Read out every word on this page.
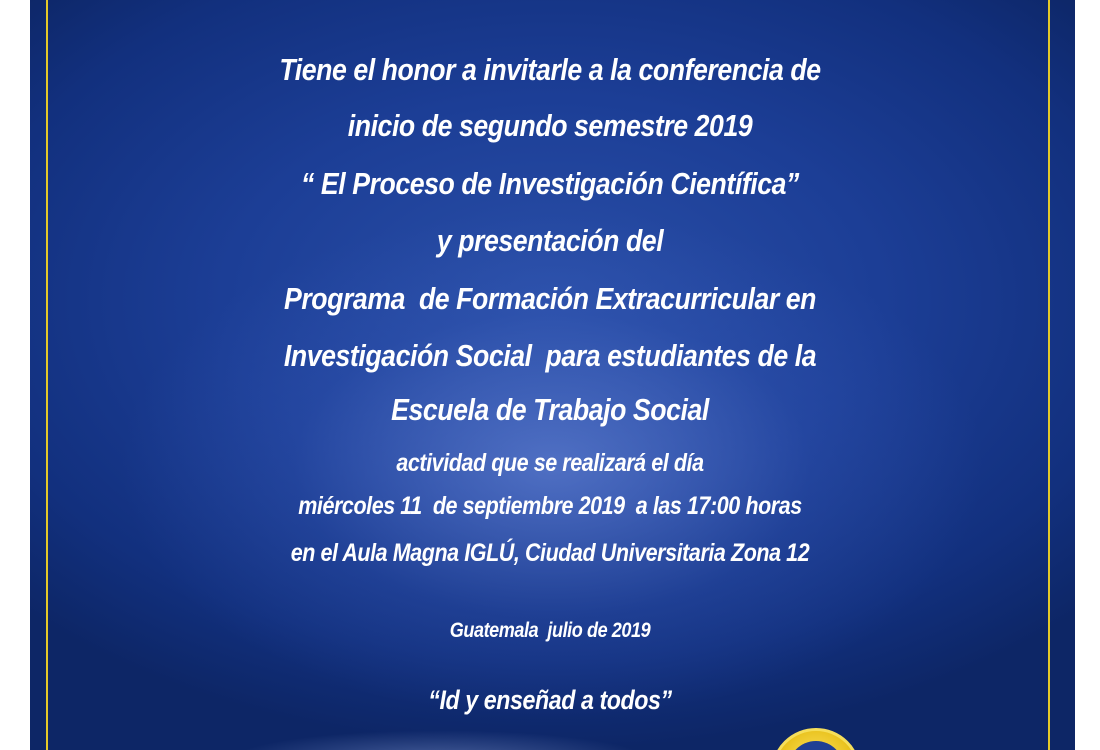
Tiene el honor a invitarle a la conferencia de
inicio de segundo semestre 2019
“ El Proceso de Investigación Científica”
y presentación del
Programa  de Formación Extracurricular en
Investigación Social  para estudiantes de la
Escuela de Trabajo Social
actividad que se realizará el día
miércoles 11  de septiembre 2019  a las 17:00 horas
en el Aula Magna IGLÚ, Ciudad Universitaria Zona 12
Guatemala  julio de 2019
“Id y enseñad a todos”
